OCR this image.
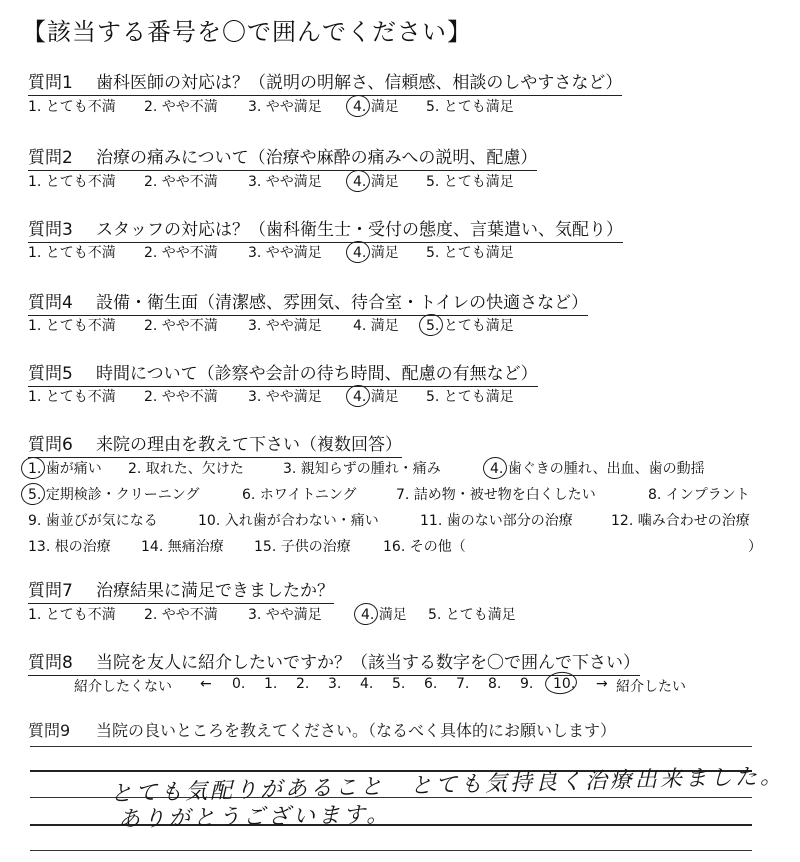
【該当する番号を〇で囲んでください】
質問1 歯科医師の対応は？（説明の明解さ、信頼感、相談のしやすさなど）
1. とても不満 2. やや不満 3. やや満足 4. 満足 5. とても満足
質問2 治療の痛みについて（治療や麻酔の痛みへの説明、配慮）
1. とても不満 2. やや不満 3. やや満足 4. 満足 5. とても満足
質問3 スタッフの対応は？（歯科衛生士・受付の態度、言葉遣い、気配り）
1. とても不満 2. やや不満 3. やや満足 4. 満足 5. とても満足
質問4 設備・衛生面（清潔感、雰囲気、待合室・トイレの快適さなど）
1. とても不満 2. やや不満 3. やや満足 4. 満足 5. とても満足
質問5 時間について（診察や会計の待ち時間、配慮の有無など）
1. とても不満 2. やや不満 3. やや満足 4. 満足 5. とても満足
質問6 来院の理由を教えて下さい（複数回答）
1. 歯が痛い 2. 取れた、欠けた	3. 親知らずの腫れ・痛み	4. 歯ぐきの腫れ、出血、歯の動揺
5. 定期検診・クリーニング	6. ホワイトニング	7. 詰め物・被せ物を白くしたい	8. インプラント
9. 歯並びが気になる	10. 入れ歯が合わない・痛い	11. 歯のない部分の治療	12. 噛み合わせの治療
13. 根の治療 14. 無痛治療 15. 子供の治療 16. その他（	）
質問7 治療結果に満足できましたか？
1. とても不満 2. やや不満 3. やや満足	4. 満足 5. とても満足
質問8 当院を友人に紹介したいですか？（該当する数字を〇で囲んで下さい）
紹介したくない ← 0. 1. 2. 3. 4. 5. 6. 7. 8. 9. 10. → 紹介したい
質問9 当院の良いところを教えてください。（なるべく具体的にお願いします）
とても気配りがあること　とても気持良く治療出来ました。
ありがとうございます。
